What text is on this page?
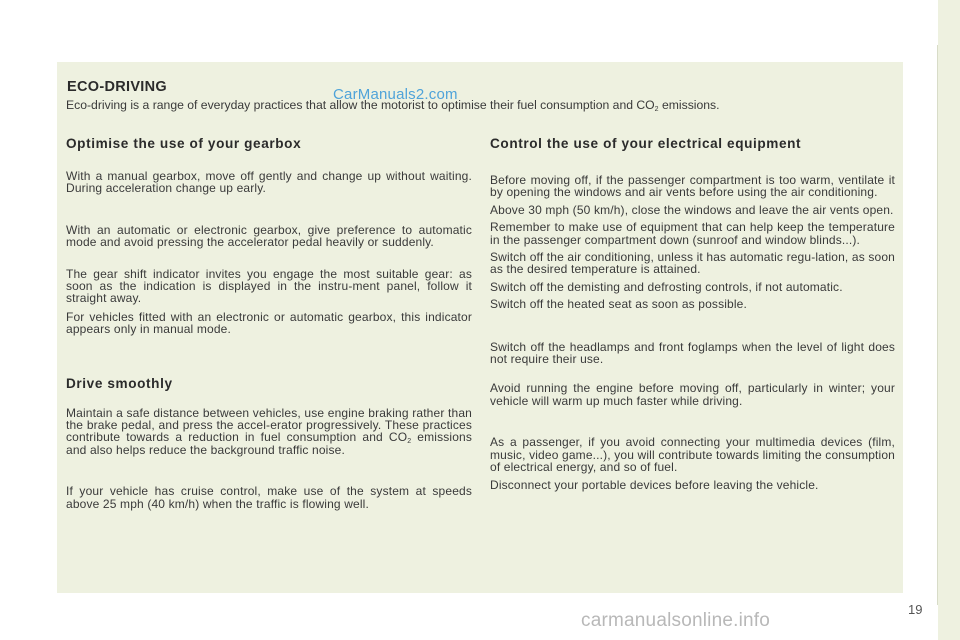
ECO-DRIVING	CarManuals2.com
Eco-driving is a range of everyday practices that allow the motorist to optimise their fuel consumption and $CO_2$ emissions.
Optimise the use of your gearbox

With a manual gearbox, move off gently and change up without waiting. During acceleration change up early.

With an automatic or electronic gearbox, give preference to automatic mode and avoid pressing the accelerator pedal heavily or suddenly.

The gear shift indicator invites you engage the most suitable gear: as soon as the indication is displayed in the instru-ment panel, follow it straight away.

For vehicles fitted with an electronic or automatic gearbox, this indicator appears only in manual mode.

Drive smoothly

Maintain a safe distance between vehicles, use engine braking rather than the brake pedal, and press the accel-erator progressively. These practices contribute towards a reduction in fuel consumption and $CO_2$ emissions and also helps reduce the background traffic noise.

If your vehicle has cruise control, make use of the system at speeds above 25 mph (40 km/h) when the traffic is flowing well.

Control the use of your electrical equipment

Before moving off, if the passenger compartment is too warm, ventilate it by opening the windows and air vents before using the air conditioning.

Above 30 mph (50 km/h), close the windows and leave the air vents open.

Remember to make use of equipment that can help keep the temperature in the passenger compartment down (sunroof and window blinds...).

Switch off the air conditioning, unless it has automatic regu-lation, as soon as the desired temperature is attained.

Switch off the demisting and defrosting controls, if not automatic.

Switch off the heated seat as soon as possible.

Switch off the headlamps and front foglamps when the level of light does not require their use.

Avoid running the engine before moving off, particularly in winter; your vehicle will warm up much faster while driving.

As a passenger, if you avoid connecting your multimedia devices (film, music, video game...), you will contribute towards limiting the consumption of electrical energy, and so of fuel.

Disconnect your portable devices before leaving the vehicle.

19
carmanualsonline.info
